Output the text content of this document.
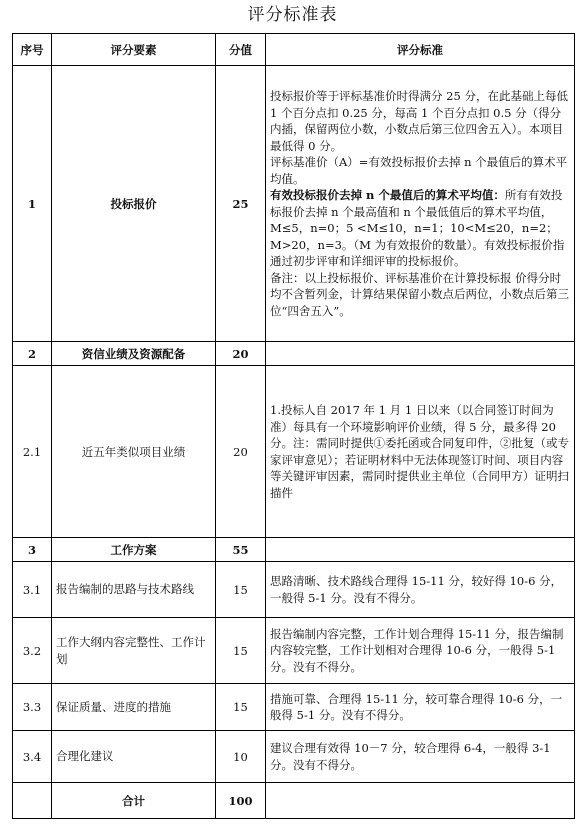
评分标准表
序号	评分要素	分值	评分标准
1	投标报价	25	投标报价等于评标基准价时得满分 25 分，在此基础上每低 1 个百分点扣 0.25 分，每高 1 个百分点扣 0.5 分（得分内插，保留两位小数，小数点后第三位四舍五入）。本项目最低得 0 分。

评标基准价（A）=有效投标报价去掉 n 个最值后的算术平均值。

有效投标报价去掉 n 个最值后的算术平均值：所有有效投标报价去掉 n 个最高值和 n 个最低值后的算术平均值，M≤5，n=0；5 <M≤10，n=1；10<M≤20，n=2；M>20，n=3。（M 为有效报价的数量）。有效投标报价指通过初步评审和详细评审的投标报价。

备注：以上投标报价、评标基准价在计算投标报 价得分时均不含暂列金，计算结果保留小数点后两位，小数点后第三位“四舍五入”。

2	资信业绩及资源配备	20	
2.1	近五年类似项目业绩	20	1.投标人自 2017 年 1 月 1 日以来（以合同签订时间为准）每具有一个环境影响评价业绩，得 5 分，最多得 20 分。注：需同时提供①委托函或合同复印件，②批复（或专家评审意见）；若证明材料中无法体现签订时间、项目内容等关键评审因素，需同时提供业主单位（合同甲方）证明扫描件
3	工作方案	55	
3.1	报告编制的思路与技术路线	15	思路清晰、技术路线合理得 15-11 分，较好得 10-6 分，一般得 5-1 分。没有不得分。
3.2	工作大纲内容完整性、工作计划	15	报告编制内容完整，工作计划合理得 15-11 分，报告编制内容较完整，工作计划相对合理得 10-6 分，一般得 5-1 分。没有不得分。
3.3	保证质量、进度的措施	15	措施可靠、合理得 15-11 分，较可靠合理得 10-6 分，一般得 5-1 分。没有不得分。
3.4	合理化建议	10	建议合理有效得 10－7 分，较合理得 6-4，一般得 3-1 分。没有不得分。
	合计	100	
